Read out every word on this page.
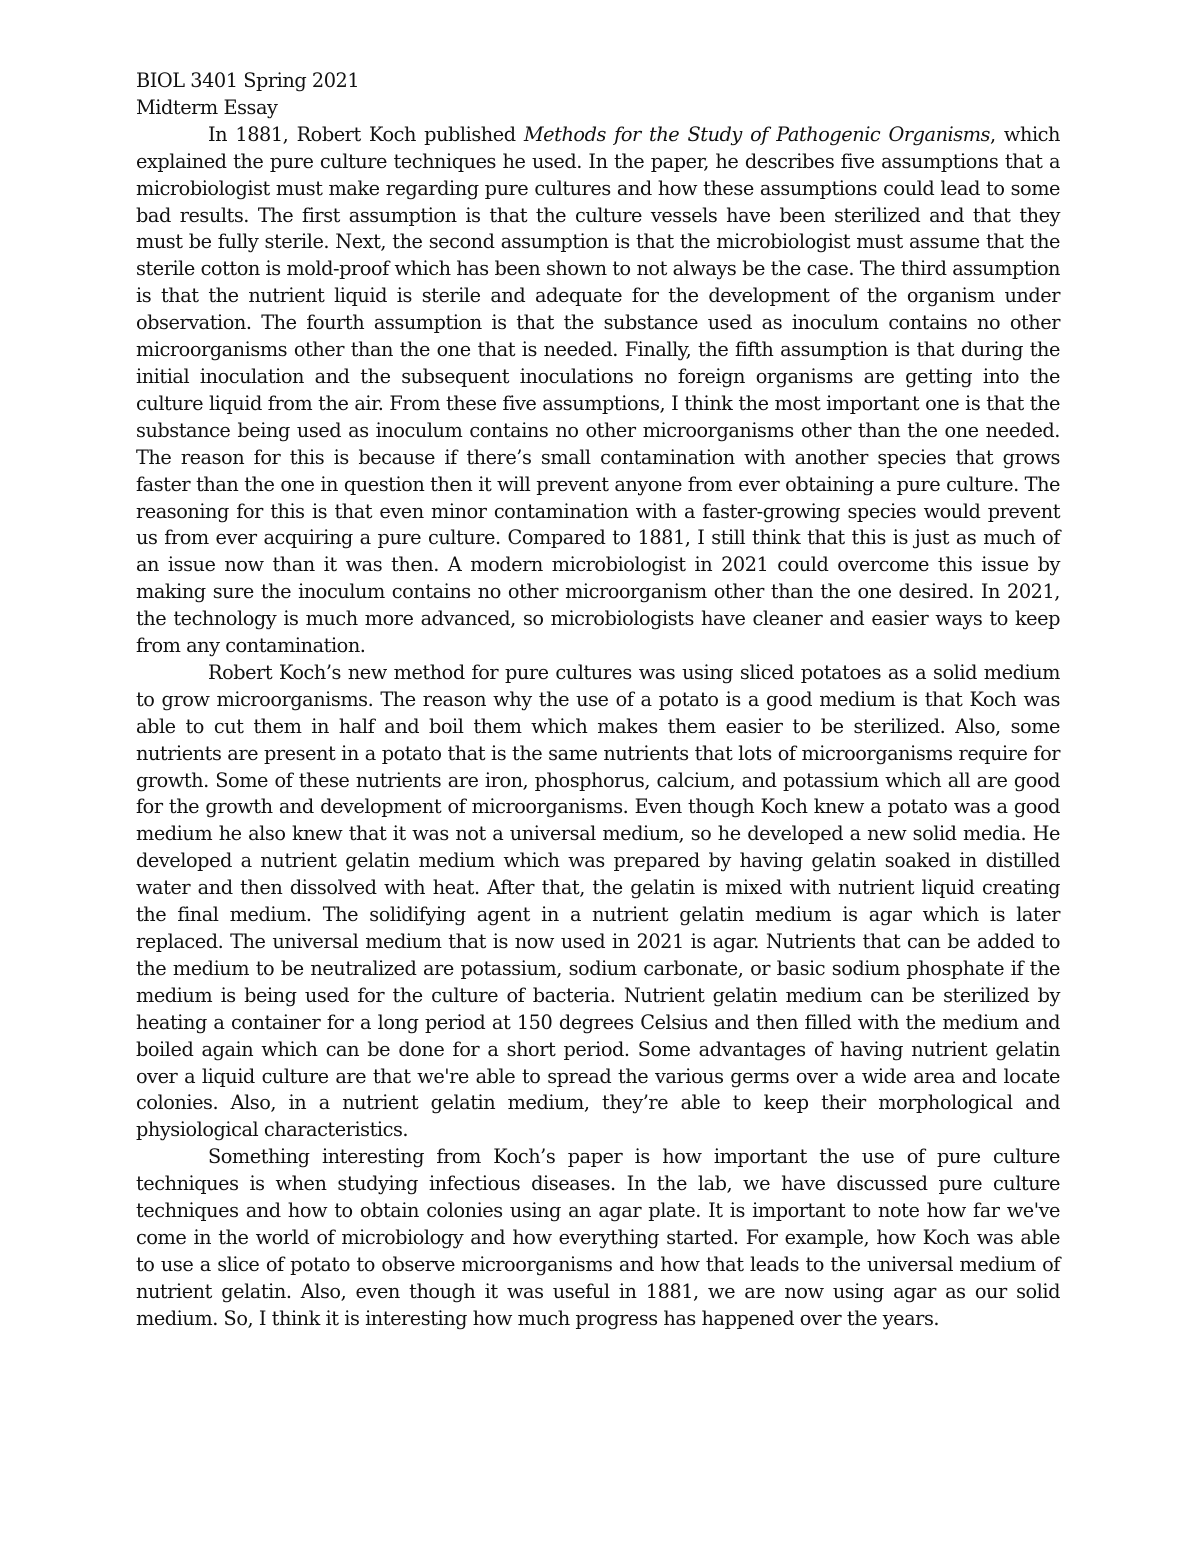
BIOL 3401 Spring 2021

Midterm Essay

In 1881, Robert Koch published Methods for the Study of Pathogenic Organisms, which explained the pure culture techniques he used. In the paper, he describes five assumptions that a microbiologist must make regarding pure cultures and how these assumptions could lead to some bad results. The first assumption is that the culture vessels have been sterilized and that they must be fully sterile. Next, the second assumption is that the microbiologist must assume that the sterile cotton is mold-proof which has been shown to not always be the case. The third assumption is that the nutrient liquid is sterile and adequate for the development of the organism under observation. The fourth assumption is that the substance used as inoculum contains no other microorganisms other than the one that is needed. Finally, the fifth assumption is that during the initial inoculation and the subsequent inoculations no foreign organisms are getting into the culture liquid from the air. From these five assumptions, I think the most important one is that the substance being used as inoculum contains no other microorganisms other than the one needed. The reason for this is because if there’s small contamination with another species that grows faster than the one in question then it will prevent anyone from ever obtaining a pure culture. The reasoning for this is that even minor contamination with a faster-growing species would prevent us from ever acquiring a pure culture. Compared to 1881, I still think that this is just as much of an issue now than it was then. A modern microbiologist in 2021 could overcome this issue by making sure the inoculum contains no other microorganism other than the one desired. In 2021, the technology is much more advanced, so microbiologists have cleaner and easier ways to keep from any contamination.

Robert Koch’s new method for pure cultures was using sliced potatoes as a solid medium to grow microorganisms. The reason why the use of a potato is a good medium is that Koch was able to cut them in half and boil them which makes them easier to be sterilized. Also, some nutrients are present in a potato that is the same nutrients that lots of microorganisms require for growth. Some of these nutrients are iron, phosphorus, calcium, and potassium which all are good for the growth and development of microorganisms. Even though Koch knew a potato was a good medium he also knew that it was not a universal medium, so he developed a new solid media. He developed a nutrient gelatin medium which was prepared by having gelatin soaked in distilled water and then dissolved with heat. After that, the gelatin is mixed with nutrient liquid creating the final medium. The solidifying agent in a nutrient gelatin medium is agar which is later replaced. The universal medium that is now used in 2021 is agar. Nutrients that can be added to the medium to be neutralized are potassium, sodium carbonate, or basic sodium phosphate if the medium is being used for the culture of bacteria. Nutrient gelatin medium can be sterilized by heating a container for a long period at 150 degrees Celsius and then filled with the medium and boiled again which can be done for a short period. Some advantages of having nutrient gelatin over a liquid culture are that we're able to spread the various germs over a wide area and locate colonies. Also, in a nutrient gelatin medium, they’re able to keep their morphological and physiological characteristics.

Something interesting from Koch’s paper is how important the use of pure culture techniques is when studying infectious diseases. In the lab, we have discussed pure culture techniques and how to obtain colonies using an agar plate. It is important to note how far we've come in the world of microbiology and how everything started. For example, how Koch was able to use a slice of potato to observe microorganisms and how that leads to the universal medium of nutrient gelatin. Also, even though it was useful in 1881, we are now using agar as our solid medium. So, I think it is interesting how much progress has happened over the years.
